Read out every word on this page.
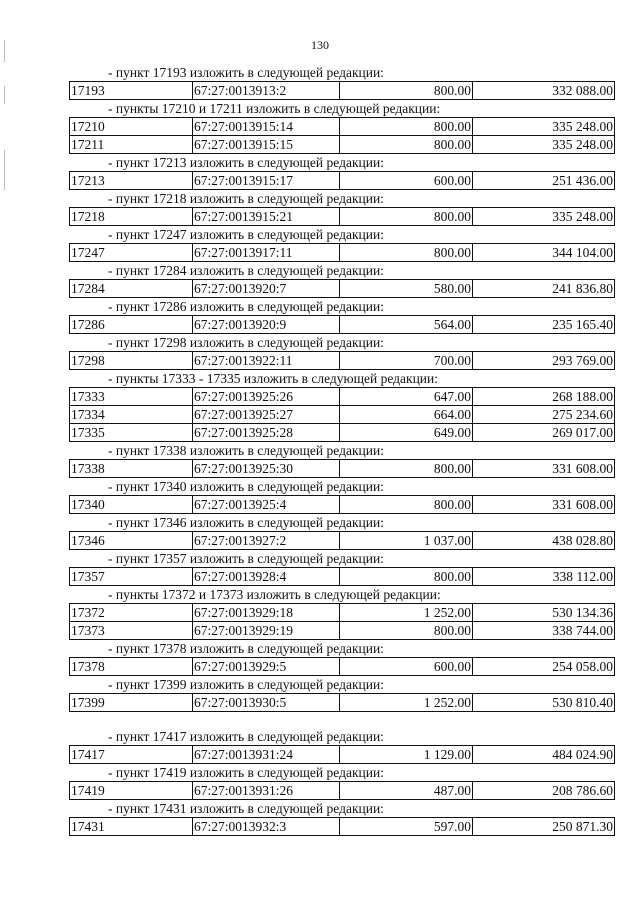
130
- пункт 17193 изложить в следующей редакции:
17193	67:27:0013913:2	800.00	332 088.00
- пункты 17210 и 17211 изложить в следующей редакции:
17210	67:27:0013915:14	800.00	335 248.00
17211	67:27:0013915:15	800.00	335 248.00
- пункт 17213 изложить в следующей редакции:
17213	67:27:0013915:17	600.00	251 436.00
- пункт 17218 изложить в следующей редакции:
17218	67:27:0013915:21	800.00	335 248.00
- пункт 17247 изложить в следующей редакции:
17247	67:27:0013917:11	800.00	344 104.00
- пункт 17284 изложить в следующей редакции:
17284	67:27:0013920:7	580.00	241 836.80
- пункт 17286 изложить в следующей редакции:
17286	67:27:0013920:9	564.00	235 165.40
- пункт 17298 изложить в следующей редакции:
17298	67:27:0013922:11	700.00	293 769.00
- пункты 17333 - 17335 изложить в следующей редакции:
17333	67:27:0013925:26	647.00	268 188.00
17334	67:27:0013925:27	664.00	275 234.60
17335	67:27:0013925:28	649.00	269 017.00
- пункт 17338 изложить в следующей редакции:
17338	67:27:0013925:30	800.00	331 608.00
- пункт 17340 изложить в следующей редакции:
17340	67:27:0013925:4	800.00	331 608.00
- пункт 17346 изложить в следующей редакции:
17346	67:27:0013927:2	1 037.00	438 028.80
- пункт 17357 изложить в следующей редакции:
17357	67:27:0013928:4	800.00	338 112.00
- пункты 17372 и 17373 изложить в следующей редакции:
17372	67:27:0013929:18	1 252.00	530 134.36
17373	67:27:0013929:19	800.00	338 744.00
- пункт 17378 изложить в следующей редакции:
17378	67:27:0013929:5	600.00	254 058.00
- пункт 17399 изложить в следующей редакции:
17399	67:27:0013930:5	1 252.00	530 810.40
- пункт 17417 изложить в следующей редакции:
17417	67:27:0013931:24	1 129.00	484 024.90
- пункт 17419 изложить в следующей редакции:
17419	67:27:0013931:26	487.00	208 786.60
- пункт 17431 изложить в следующей редакции:
17431	67:27:0013932:3	597.00	250 871.30
